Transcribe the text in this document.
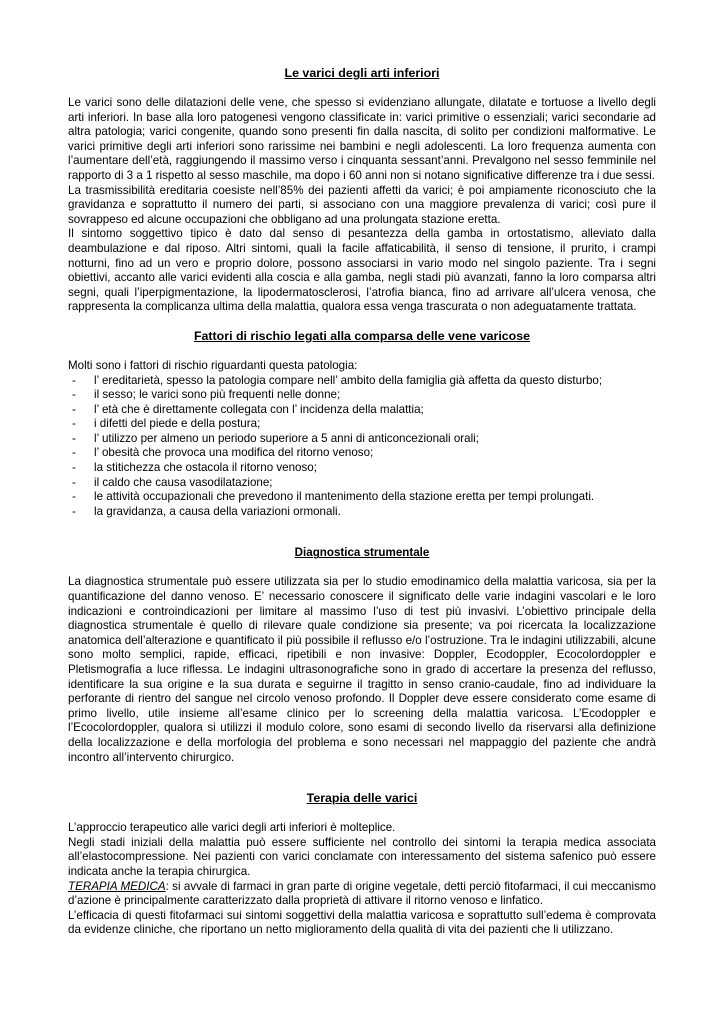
Le varici degli arti inferiori

Le varici sono delle dilatazioni delle vene, che spesso si evidenziano allungate, dilatate e tortuose a livello degli arti inferiori. In base alla loro patogenesi vengono classificate in: varici primitive o essenziali; varici secondarie ad altra patologia; varici congenite, quando sono presenti fin dalla nascita, di solito per condizioni malformative. Le varici primitive degli arti inferiori sono rarissime nei bambini e negli adolescenti. La loro frequenza aumenta con l’aumentare dell’età, raggiungendo il massimo verso i cinquanta sessant’anni. Prevalgono nel sesso femminile nel rapporto di 3 a 1 rispetto al sesso maschile, ma dopo i 60 anni non si notano significative differenze tra i due sessi.

La trasmissibilità ereditaria coesiste nell’85% dei pazienti affetti da varici; è poi ampiamente riconosciuto che la gravidanza e soprattutto il numero dei parti, si associano con una maggiore prevalenza di varici; così pure il sovrappeso ed alcune occupazioni che obbligano ad una prolungata stazione eretta.

Il sintomo soggettivo tipico è dato dal senso di pesantezza della gamba in ortostatismo, alleviato dalla deambulazione e dal riposo. Altri sintomi, quali la facile affaticabilità, il senso di tensione, il prurito, i crampi notturni, fino ad un vero e proprio dolore, possono associarsi in vario modo nel singolo paziente. Tra i segni obiettivi, accanto alle varici evidenti alla coscia e alla gamba, negli stadi più avanzati, fanno la loro comparsa altri segni, quali l’iperpigmentazione, la lipodermatosclerosi, l’atrofia bianca, fino ad arrivare all’ulcera venosa, che rappresenta la complicanza ultima della malattia, qualora essa venga trascurata o non adeguatamente trattata.

Fattori di rischio legati alla comparsa delle vene varicose

Molti sono i fattori di rischio riguardanti questa patologia:

- l’ ereditarietà, spesso la patologia compare nell’ ambito della famiglia già affetta da questo disturbo;
- il sesso; le varici sono più frequenti nelle donne;
- l’ età che è direttamente collegata con l’ incidenza della malattia;
- i difetti del piede e della postura;
- l’ utilizzo per almeno un periodo superiore a 5 anni di anticoncezionali orali;
- l’ obesità che provoca una modifica del ritorno venoso;
- la stitichezza che ostacola il ritorno venoso;
- il caldo che causa vasodilatazione;
- le attività occupazionali che prevedono il mantenimento della stazione eretta per tempi prolungati.
- la gravidanza, a causa della variazioni ormonali.
Diagnostica strumentale

La diagnostica strumentale può essere utilizzata sia per lo studio emodinamico della malattia varicosa, sia per la quantificazione del danno venoso. E’ necessario conoscere il significato delle varie indagini vascolari e le loro indicazioni e controindicazioni per limitare al massimo l’uso di test più invasivi. L’obiettivo principale della diagnostica strumentale è quello di rilevare quale condizione sia presente; va poi ricercata la localizzazione anatomica dell’alterazione e quantificato il più possibile il reflusso e/o l’ostruzione. Tra le indagini utilizzabili, alcune sono molto semplici, rapide, efficaci, ripetibili e non invasive: Doppler, Ecodoppler, Ecocolordoppler e Pletismografia a luce riflessa. Le indagini ultrasonografiche sono in grado di accertare la presenza del reflusso, identificare la sua origine e la sua durata e seguirne il tragitto in senso cranio-caudale, fino ad individuare la perforante di rientro del sangue nel circolo venoso profondo. Il Doppler deve essere considerato come esame di primo livello, utile insieme all’esame clinico per lo screening della malattia varicosa. L’Ecodoppler e l’Ecocolordoppler, qualora si utilizzi il modulo colore, sono esami di secondo livello da riservarsi alla definizione della localizzazione e della morfologia del problema e sono necessari nel mappaggio del paziente che andrà incontro all’intervento chirurgico.

Terapia delle varici

L’approccio terapeutico alle varici degli arti inferiori è molteplice.

Negli stadi iniziali della malattia può essere sufficiente nel controllo dei sintomi la terapia medica associata all’elastocompressione. Nei pazienti con varici conclamate con interessamento del sistema safenico può essere indicata anche la terapia chirurgica.

TERAPIA MEDICA: si avvale di farmaci in gran parte di origine vegetale, detti perciò fitofarmaci, il cui meccanismo d’azione è principalmente caratterizzato dalla proprietà di attivare il ritorno venoso e linfatico.

L’efficacia di questi fitofarmaci sui sintomi soggettivi della malattia varicosa e soprattutto sull’edema è comprovata da evidenze cliniche, che riportano un netto miglioramento della qualità di vita dei pazienti che li utilizzano.
